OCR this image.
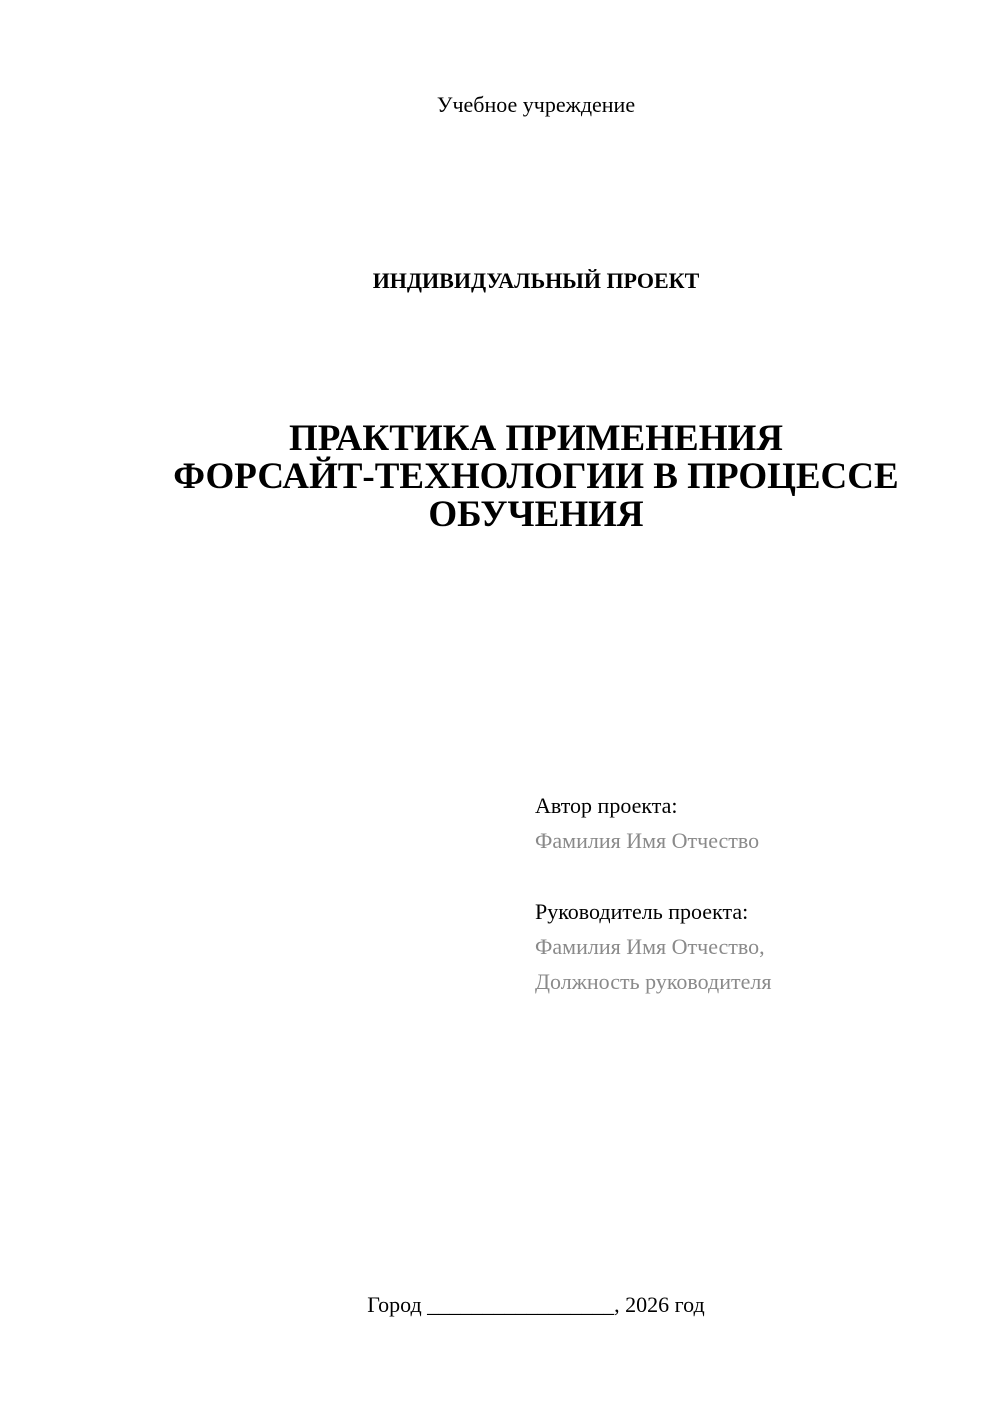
Учебное учреждение
ИНДИВИДУАЛЬНЫЙ ПРОЕКТ
ПРАКТИКА ПРИМЕНЕНИЯ
ФОРСАЙТ-ТЕХНОЛОГИИ В ПРОЦЕССЕ
ОБУЧЕНИЯ
Автор проекта:
Фамилия Имя Отчество
Руководитель проекта:
Фамилия Имя Отчество,
Должность руководителя
Город _________________, 2026 год
